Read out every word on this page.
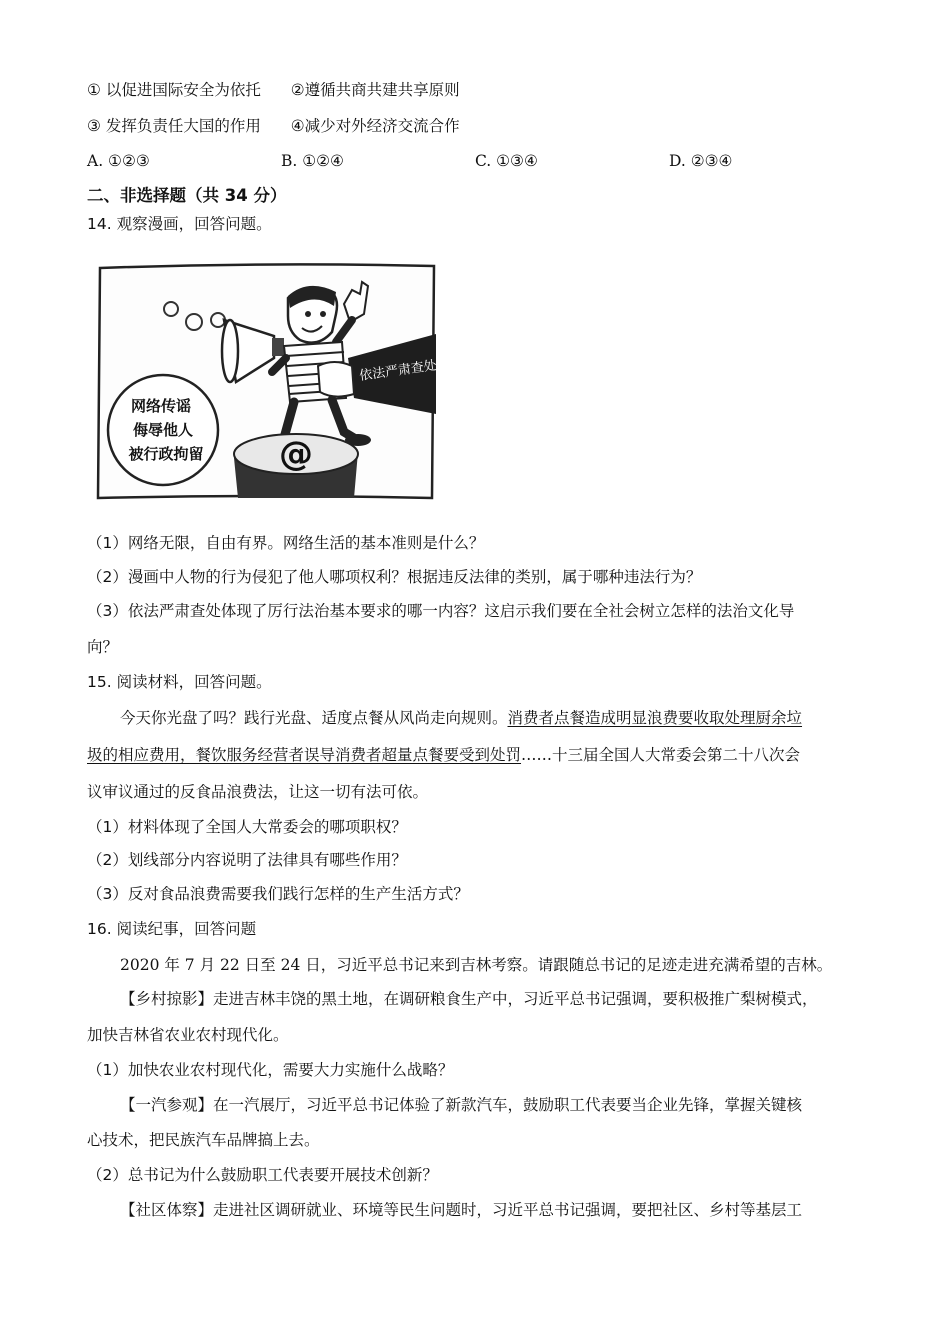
① 以促进国际安全为依托 ②遵循共商共建共享原则
③ 发挥负责任大国的作用 ④减少对外经济交流合作
A. ①②③	B. ①②④	C. ①③④	D. ②③④
二、非选择题（共 34 分）
14. 观察漫画，回答问题。
@
依法严肃查处
网络传谣
侮辱他人
被行政拘留
（1）网络无限，自由有界。网络生活的基本准则是什么？
（2）漫画中人物的行为侵犯了他人哪项权利？根据违反法律的类别，属于哪种违法行为？
（3）依法严肃查处体现了厉行法治基本要求的哪一内容？这启示我们要在全社会树立怎样的法治文化导
向？
15. 阅读材料，回答问题。
今天你光盘了吗？践行光盘、适度点餐从风尚走向规则。消费者点餐造成明显浪费要收取处理厨余垃
圾的相应费用，餐饮服务经营者误导消费者超量点餐要受到处罚……十三届全国人大常委会第二十八次会
议审议通过的反食品浪费法，让这一切有法可依。
（1）材料体现了全国人大常委会的哪项职权？
（2）划线部分内容说明了法律具有哪些作用？
（3）反对食品浪费需要我们践行怎样的生产生活方式？
16. 阅读纪事，回答问题
2020 年 7 月 22 日至 24 日，习近平总书记来到吉林考察。请跟随总书记的足迹走进充满希望的吉林。
【乡村掠影】走进吉林丰饶的黑土地，在调研粮食生产中，习近平总书记强调，要积极推广梨树模式，
加快吉林省农业农村现代化。
（1）加快农业农村现代化，需要大力实施什么战略？
【一汽参观】在一汽展厅，习近平总书记体验了新款汽车，鼓励职工代表要当企业先锋，掌握关键核
心技术，把民族汽车品牌搞上去。
（2）总书记为什么鼓励职工代表要开展技术创新？
【社区体察】走进社区调研就业、环境等民生问题时，习近平总书记强调，要把社区、乡村等基层工
